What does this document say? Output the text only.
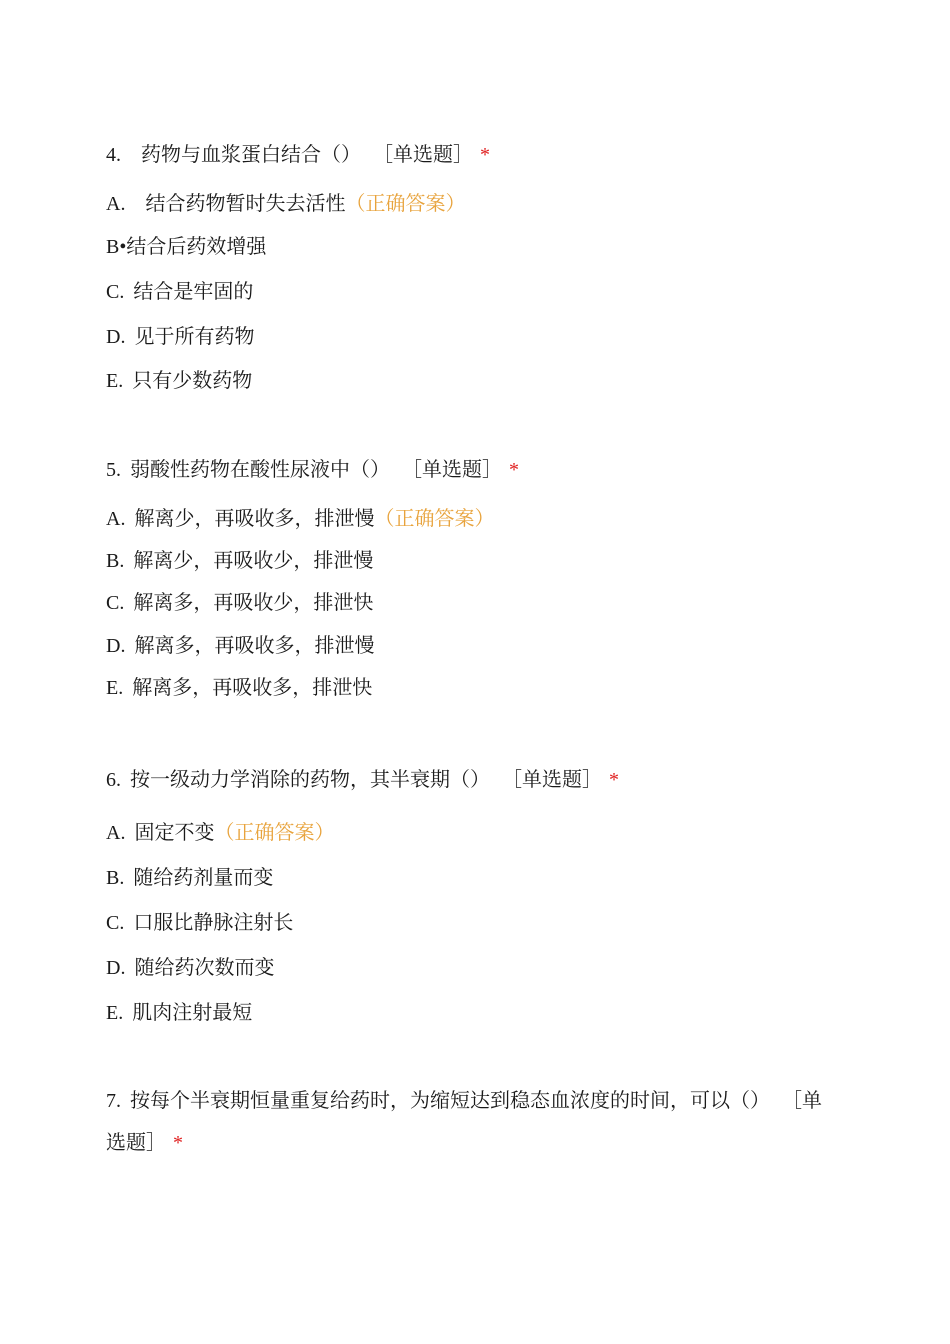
4. 药物与血浆蛋白结合（） ［单选题］ *
A. 结合药物暂时失去活性（正确答案）
B•结合后药效增强
C. 结合是牢固的
D. 见于所有药物
E. 只有少数药物
5. 弱酸性药物在酸性尿液中（） ［单选题］ *
A. 解离少，再吸收多，排泄慢（正确答案）
B. 解离少，再吸收少，排泄慢
C. 解离多，再吸收少，排泄快
D. 解离多，再吸收多，排泄慢
E. 解离多，再吸收多，排泄快
6. 按一级动力学消除的药物，其半衰期（） ［单选题］ *
A. 固定不变（正确答案）
B. 随给药剂量而变
C. 口服比静脉注射长
D. 随给药次数而变
E. 肌肉注射最短
7. 按每个半衰期恒量重复给药时，为缩短达到稳态血浓度的时间，可以（） ［单选题］ *
